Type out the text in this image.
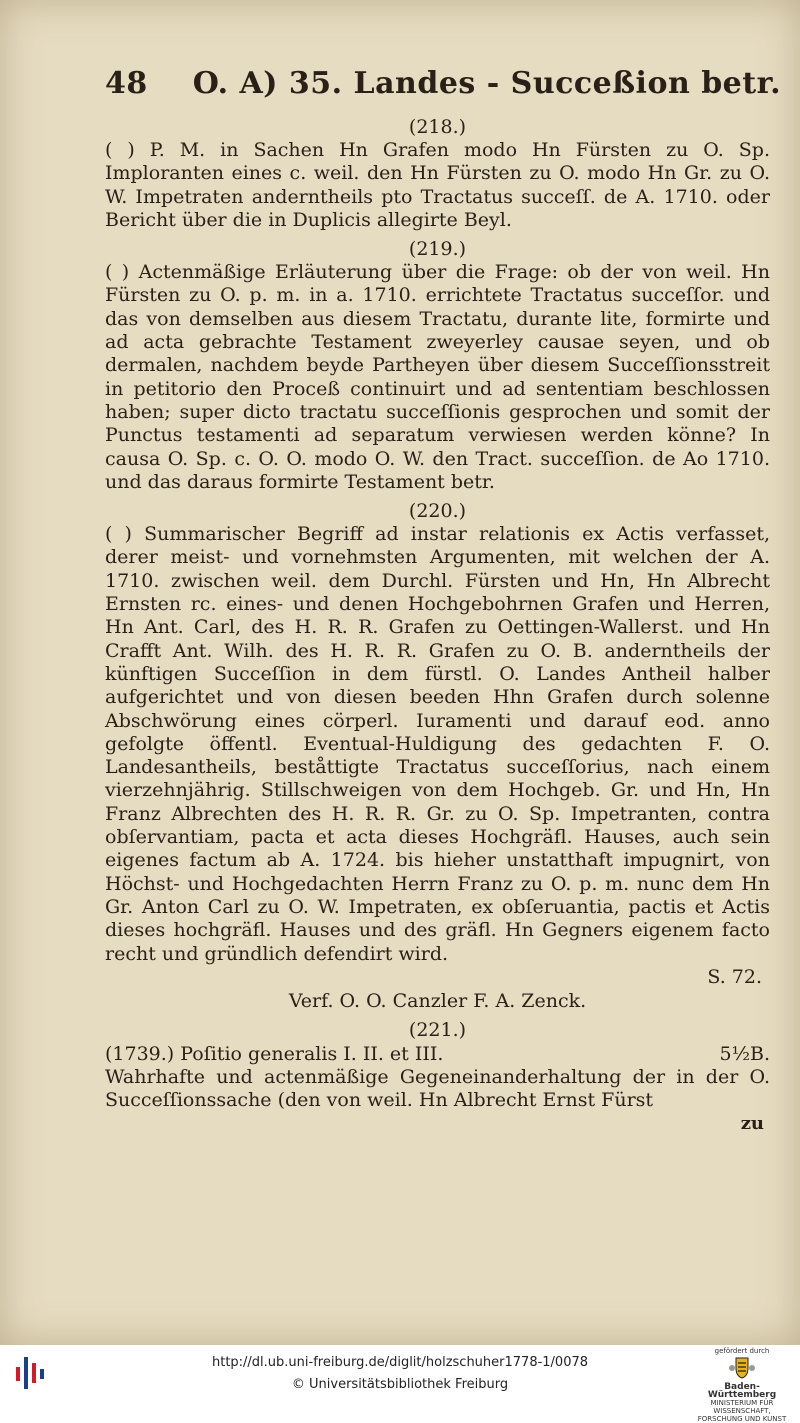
48 O. A) 35. Landes - Succeßion betr.
(218.)
( ) P. M. in Sachen Hn Grafen modo Hn Fürsten zu O. Sp. Imploranten eines c. weil. den Hn Fürsten zu O. modo Hn Gr. zu O. W. Impetraten anderntheils pto Tractatus succeſſ. de A. 1710. oder Bericht über die in Duplicis allegirte Beyl.
(219.)
( ) Actenmäßige Erläuterung über die Frage: ob der von weil. Hn Fürsten zu O. p. m. in a. 1710. errichtete Tractatus succeſſor. und das von demselben aus diesem Tractatu, durante lite, formirte und ad acta gebrachte Testament zweyerley causae seyen, und ob dermalen, nachdem beyde Partheyen über diesem Succeſſionsstreit in petitorio den Proceß continuirt und ad sententiam beschlossen haben; super dicto tractatu succeſſionis gesprochen und somit der Punctus testamenti ad separatum verwiesen werden könne? In causa O. Sp. c. O. O. modo O. W. den Tract. succeſſion. de Ao 1710. und das daraus formirte Testament betr.
(220.)
( ) Summarischer Begriff ad instar relationis ex Actis verfasset, derer meist- und vornehmsten Argumenten, mit welchen der A. 1710. zwischen weil. dem Durchl. Fürsten und Hn, Hn Albrecht Ernsten rc. eines- und denen Hochgebohrnen Grafen und Herren, Hn Ant. Carl, des H. R. R. Grafen zu Oettingen-Wallerst. und Hn Crafft Ant. Wilh. des H. R. R. Grafen zu O. B. anderntheils der künftigen Succeſſion in dem fürstl. O. Landes Antheil halber aufgerichtet und von diesen beeden Hhn Grafen durch solenne Abschwörung eines cörperl. Iuramenti und darauf eod. anno gefolgte öffentl. Eventual-Huldigung des gedachten F. O. Landesantheils, beståttigte Tractatus succeſſorius, nach einem vierzehnjährig. Stillschweigen von dem Hochgeb. Gr. und Hn, Hn Franz Albrechten des H. R. R. Gr. zu O. Sp. Impetranten, contra obſervantiam, pacta et acta dieses Hochgräfl. Hauses, auch sein eigenes factum ab A. 1724. bis hieher unstatthaft impugnirt, von Höchst- und Hochgedachten Herrn Franz zu O. p. m. nunc dem Hn Gr. Anton Carl zu O. W. Impetraten, ex obſeruantia, pactis et Actis dieses hochgräfl. Hauses und des gräfl. Hn Gegners eigenem facto recht und gründlich defendirt wird.
S. 72.
Verf. O. O. Canzler F. A. Zenck.
(221.)
(1739.) Poſitio generalis I. II. et III.	5½B.
Wahrhafte und actenmäßige Gegeneinanderhaltung der in der O. Succeſſionssache (den von weil. Hn Albrecht Ernst Fürst
zu
http://dl.ub.uni-freiburg.de/diglit/holzschuher1778-1/0078
© Universitätsbibliothek Freiburg
gefördert durch
Baden-Württemberg
MINISTERIUM FÜR WISSENSCHAFT, FORSCHUNG UND KUNST
